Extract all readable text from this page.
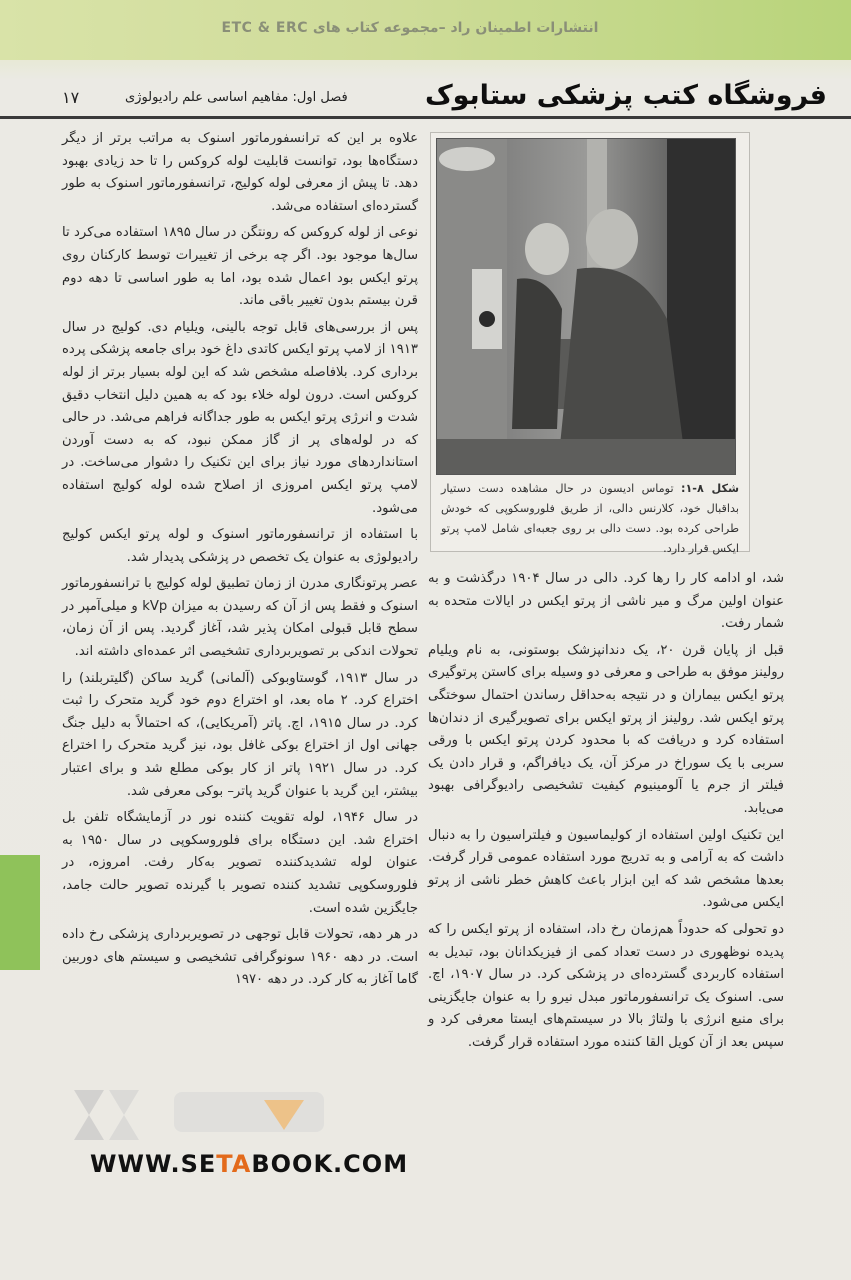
انتشارات اطمینان راد –مجموعه کتاب های ETC & ERC
فروشگاه کتب پزشکی ستابوک
فصل اول: مفاهیم اساسی علم رادیولوژی
۱۷
شکل ۸-۱: توماس ادیسون در حال مشاهده دست دستیار بداقبال خود، کلارنس دالی، از طریق فلوروسکوپی که خودش طراحی کرده بود. دست دالی بر روی جعبه‌ای شامل لامپ پرتو ایکس قرار دارد.

علاوه بر این که ترانسفورماتور اسنوک به مراتب برتر از دیگر دستگاه‌ها بود، توانست قابلیت لوله کروکس را تا حد زیادی بهبود دهد. تا پیش از معرفی لوله کولیج، ترانسفورماتور اسنوک به طور گسترده‌ای استفاده می‌شد.

نوعی از لوله کروکس که رونتگن در سال ۱۸۹۵ استفاده می‌کرد تا سال‌ها موجود بود. اگر چه برخی از تغییرات توسط کارکنان روی پرتو ایکس بود اعمال شده بود، اما به طور اساسی تا دهه دوم قرن بیستم بدون تغییر باقی ماند.

پس از بررسی‌های قابل توجه بالینی، ویلیام دی. کولیج در سال ۱۹۱۳ از لامپ پرتو ایکس کاتدی داغ خود برای جامعه پزشکی پرده برداری کرد. بلافاصله مشخص شد که این لوله بسیار برتر از لوله کروکس است. درون لوله خلاء بود که به همین دلیل انتخاب دقیق شدت و انرژی پرتو ایکس به طور جداگانه فراهم می‌شد. در حالی که در لوله‌های پر از گاز ممکن نبود، که به دست آوردن استانداردهای مورد نیاز برای این تکنیک را دشوار می‌ساخت. در لامپ پرتو ایکس امروزی از اصلاح شده لوله کولیج استفاده می‌شود.

با استفاده از ترانسفورماتور اسنوک و لوله پرتو ایکس کولیج رادیولوژی به عنوان یک تخصص در پزشکی پدیدار شد.

عصر پرتونگاری مدرن از زمان تطبیق لوله کولیج با ترانسفورماتور اسنوک و فقط پس از آن که رسیدن به میزان kVp و میلی‌آمپر در سطح قابل قبولی امکان پذیر شد، آغاز گردید. پس از آن زمان، تحولات اندکی بر تصویربرداری تشخیصی اثر عمده‌ای داشته اند.

در سال ۱۹۱۳، گوستاوبوکی (آلمانی) گرید ساکن (گلیتربلند) را اختراع کرد. ۲ ماه بعد، او اختراع دوم خود گرید متحرک را ثبت کرد. در سال ۱۹۱۵، اچ. پاتر (آمریکایی)، که احتمالاً به دلیل جنگ جهانی اول از اختراع بوکی غافل بود، نیز گرید متحرک را اختراع کرد. در سال ۱۹۲۱ پاتر از کار بوکی مطلع شد و برای اعتبار بیشتر، این گرید با عنوان گرید پاتر– بوکی معرفی شد.

در سال ۱۹۴۶، لوله تقویت کننده نور در آزمایشگاه تلفن بل اختراع شد. این دستگاه برای فلوروسکوپی در سال ۱۹۵۰ به عنوان لوله تشدیدکننده تصویر به‌کار رفت. امروزه، در فلوروسکوپی تشدید کننده تصویر با گیرنده تصویر حالت جامد، جایگزین شده است.

در هر دهه، تحولات قابل توجهی در تصویربرداری پزشکی رخ داده است. در دهه ۱۹۶۰ سونوگرافی تشخیصی و سیستم های دوربین گاما آغاز به کار کرد. در دهه ۱۹۷۰

شد، او ادامه کار را رها کرد. دالی در سال ۱۹۰۴ درگذشت و به عنوان اولین مرگ و میر ناشی از پرتو ایکس در ایالات متحده به شمار رفت.

قبل از پایان قرن ۲۰، یک دندانپزشک بوستونی، به نام ویلیام رولینز موفق به طراحی و معرفی دو وسیله برای کاستن پرتوگیری پرتو ایکس بیماران و در نتیجه به‌حداقل رساندن احتمال سوختگی پرتو ایکس شد. رولینز از پرتو ایکس برای تصویرگیری از دندان‌ها استفاده کرد و دریافت که با محدود کردن پرتو ایکس با ورقی سربی با یک سوراخ در مرکز آن، یک دیافراگم، و قرار دادن یک فیلتر از جرم یا آلومینیوم کیفیت تشخیصی رادیوگرافی بهبود می‌یابد.

این تکنیک اولین استفاده از کولیماسیون و فیلتراسیون را به دنبال داشت که به آرامی و به تدریج مورد استفاده عمومی قرار گرفت. بعدها مشخص شد که این ابزار باعث کاهش خطر ناشی از پرتو ایکس می‌شود.

دو تحولی که حدوداً هم‌زمان رخ داد، استفاده از پرتو ایکس را که پدیده نوظهوری در دست تعداد کمی از فیزیکدانان بود، تبدیل به استفاده کاربردی گسترده‌ای در پزشکی کرد. در سال ۱۹۰۷، اچ. سی. اسنوک یک ترانسفورماتور مبدل نیرو را به عنوان جایگزینی برای منبع انرژی با ولتاژ بالا در سیستم‌های ایستا معرفی کرد و سپس بعد از آن کویل القا کننده مورد استفاده قرار گرفت.

WWW.SETABOOK.COM
